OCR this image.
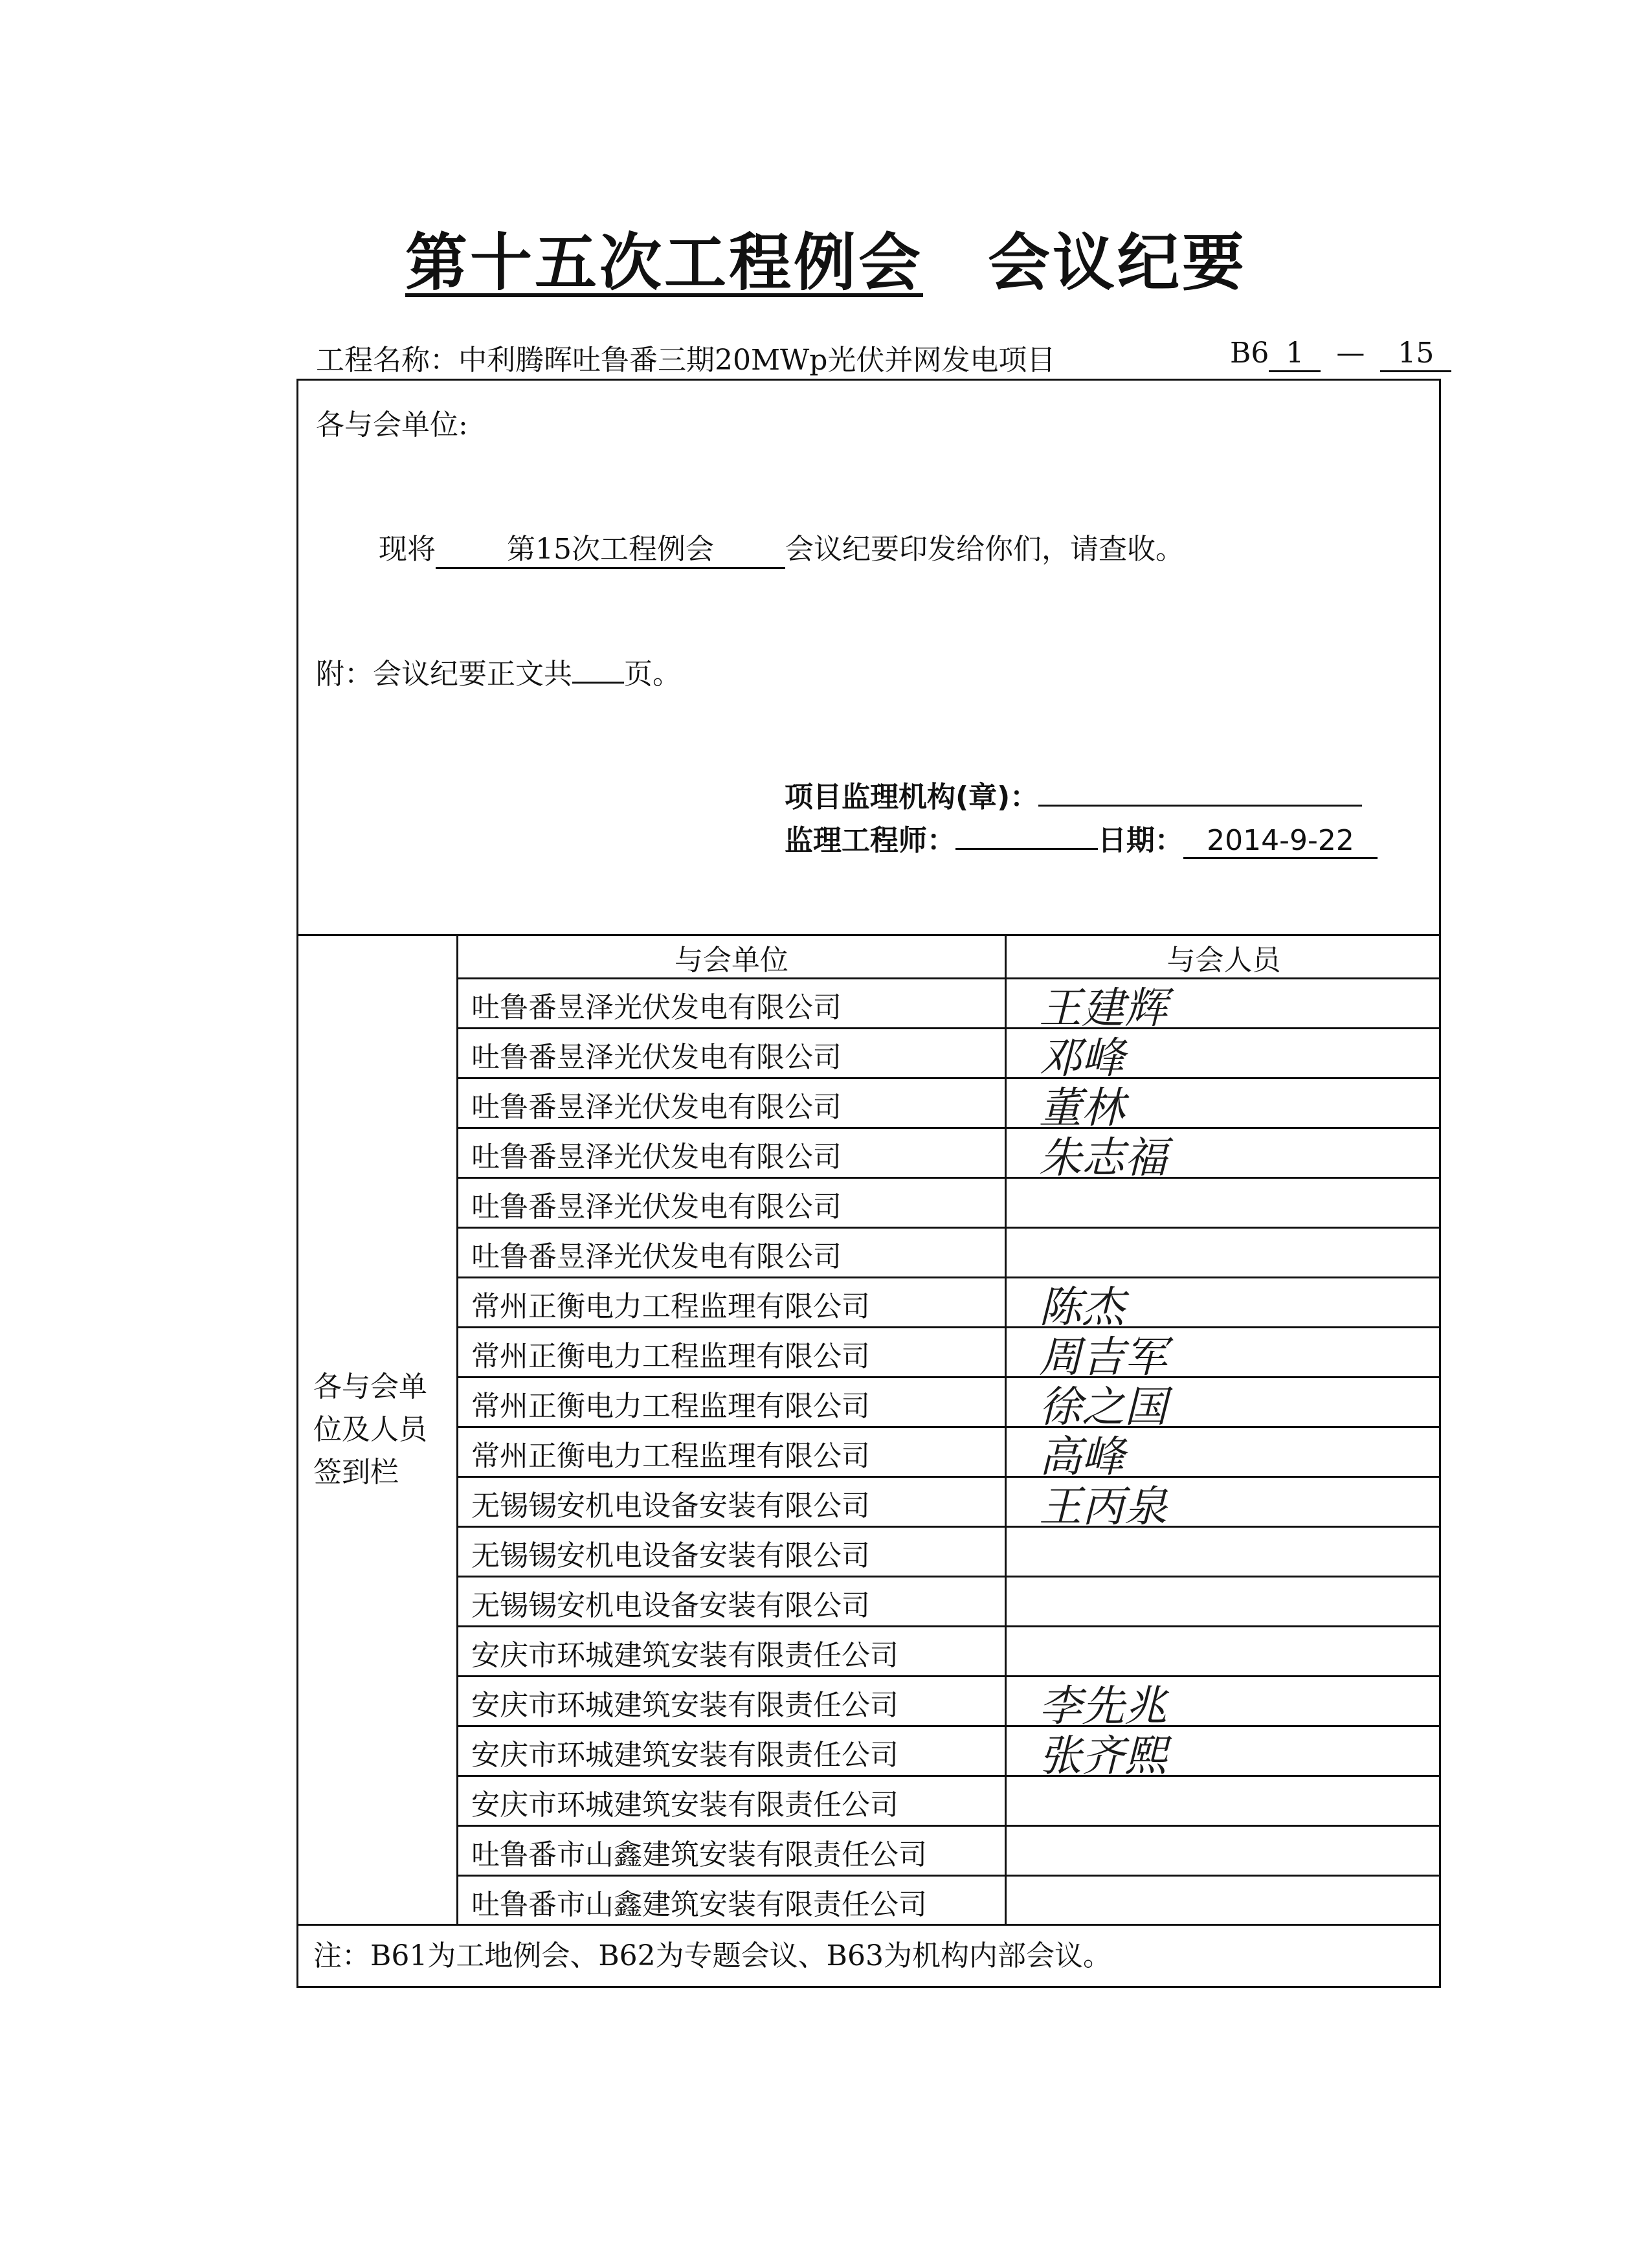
第十五次工程例会　 会议纪要
工程名称：中利腾晖吐鲁番三期20MWp光伏并网发电项目	B6 1 — 15
各与会单位:
现将	第15次工程例会	会议纪要印发给你们，请查收。
附：会议纪要正文共 页。
项目监理机构(章)：
监理工程师：	日期： 2014-9-22
各与会单
位及人员
签到栏
与会单位	与会人员
吐鲁番昱泽光伏发电有限公司	王建辉
吐鲁番昱泽光伏发电有限公司	邓峰
吐鲁番昱泽光伏发电有限公司	董林
吐鲁番昱泽光伏发电有限公司	朱志福
吐鲁番昱泽光伏发电有限公司
吐鲁番昱泽光伏发电有限公司
常州正衡电力工程监理有限公司	陈杰
常州正衡电力工程监理有限公司	周吉军
常州正衡电力工程监理有限公司	徐之国
常州正衡电力工程监理有限公司	高峰
无锡锡安机电设备安装有限公司	王丙泉
无锡锡安机电设备安装有限公司
无锡锡安机电设备安装有限公司
安庆市环城建筑安装有限责任公司
安庆市环城建筑安装有限责任公司	李先兆
安庆市环城建筑安装有限责任公司	张齐熙
安庆市环城建筑安装有限责任公司
吐鲁番市山鑫建筑安装有限责任公司
吐鲁番市山鑫建筑安装有限责任公司
注：B61为工地例会、B62为专题会议、B63为机构内部会议。
